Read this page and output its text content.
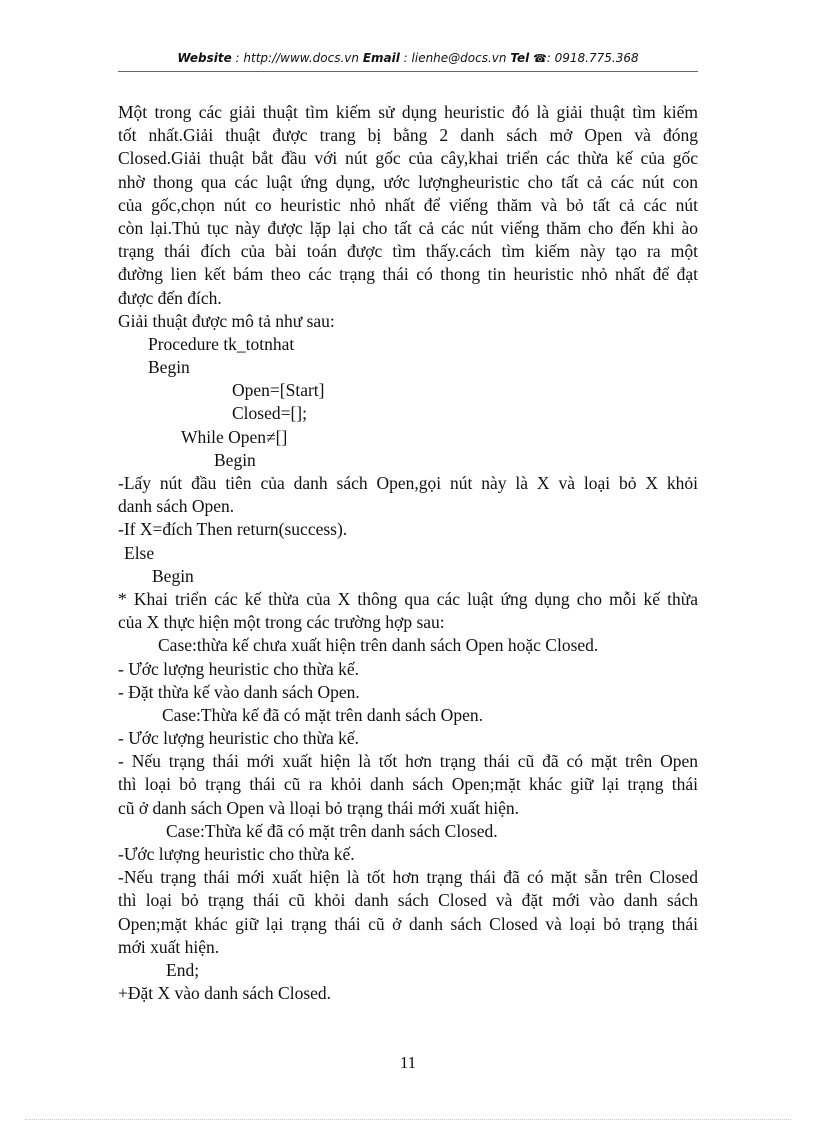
Website : http://www.docs.vn Email : lienhe@docs.vn Tel ☎: 0918.775.368
Một trong các giải thuật tìm kiếm sử dụng heuristic đó là giải thuật tìm kiếm
tốt nhất.Giải thuật được trang bị bằng 2 danh sách mở Open và đóng
Closed.Giải thuật bắt đầu với nút gốc của cây,khai triển các thừa kế của gốc
nhờ thong qua các luật ứng dụng, ước lượngheuristic cho tất cả các nút con
của gốc,chọn nút co heuristic nhỏ nhất để viếng thăm và bỏ tất cả các nút
còn lại.Thủ tục này được lặp lại cho tất cả các nút viếng thăm cho đến khi ào
trạng thái đích của bài toán được tìm thấy.cách tìm kiếm này tạo ra một
đường lien kết bám theo các trạng thái có thong tin heuristic nhỏ nhất để đạt
được đến đích.
Giải thuật được mô tả như sau:
Procedure tk_totnhat
Begin
Open=[Start]
Closed=[];
While Open≠[]
Begin
-Lấy nút đầu tiên của danh sách Open,gọi nút này là X và loại bỏ X khỏi
danh sách Open.
-If X=đích Then return(success).
Else
Begin
* Khai triển các kế thừa của X thông qua các luật ứng dụng cho mỗi kế thừa
của X thực hiện một trong các trường hợp sau:
Case:thừa kế chưa xuất hiện trên danh sách Open hoặc Closed.
- Ước lượng heuristic cho thừa kế.
- Đặt thừa kế vào danh sách Open.
Case:Thừa kế đã có mặt trên danh sách Open.
- Ước lượng heuristic cho thừa kế.
- Nếu trạng thái mới xuất hiện là tốt hơn trạng thái cũ đã có mặt trên Open
thì loại bỏ trạng thái cũ ra khỏi danh sách Open;mặt khác giữ lại trạng thái
cũ ở danh sách Open và lloại bỏ trạng thái mới xuất hiện.
Case:Thừa kế đã có mặt trên danh sách Closed.
-Ước lượng heuristic cho thừa kế.
-Nếu trạng thái mới xuất hiện là tốt hơn trạng thái đã có mặt sẵn trên Closed
thì loại bỏ trạng thái cũ khỏi danh sách Closed và đặt mới vào danh sách
Open;mặt khác giữ lại trạng thái cũ ở danh sách Closed và loại bỏ trạng thái
mới xuất hiện.
End;
+Đặt X vào danh sách Closed.
11
